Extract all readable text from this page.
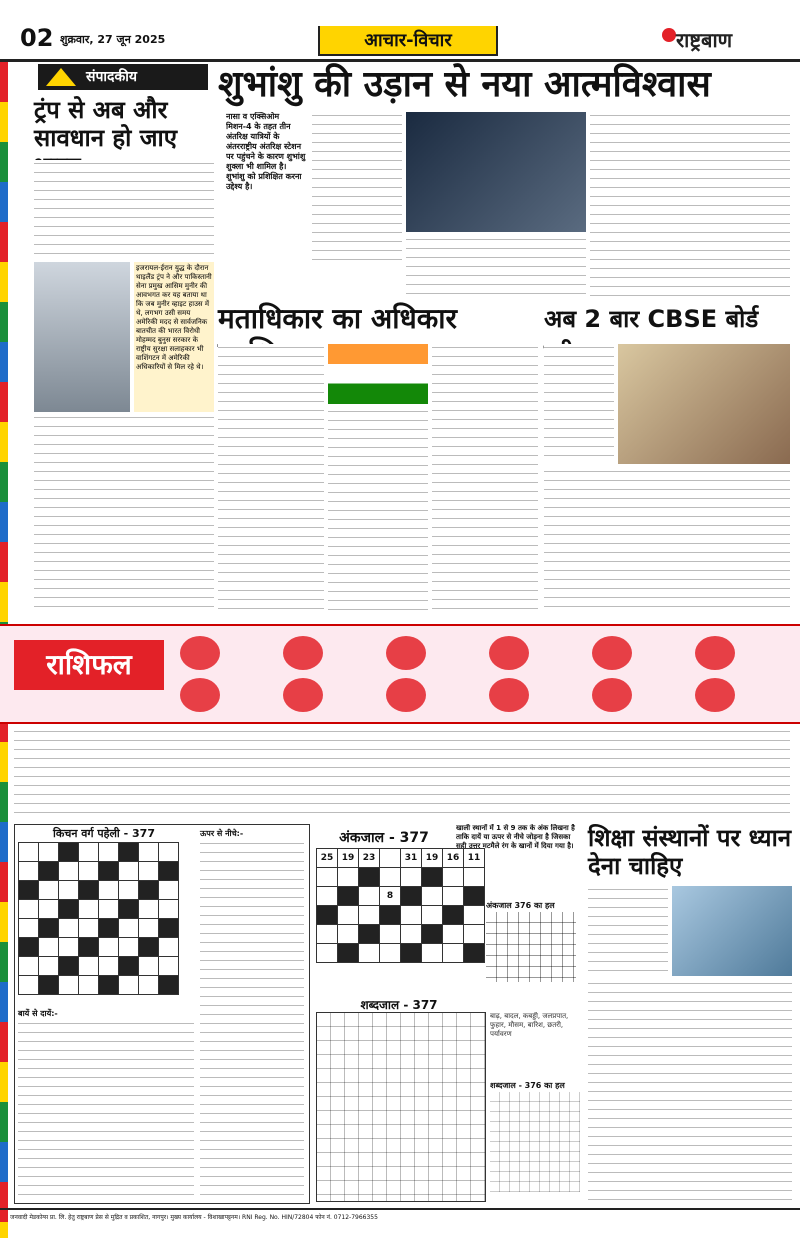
02 शुक्रवार, 27 जून 2025	आचार-विचार	राष्ट्रबाण
संपादकीय
ट्रंप से अब और सावधान हो जाए
इजरायल-ईरान युद्ध के दौरान थाइलैंड ट्रंप ने और पाकिस्तानी सेना प्रमुख आसिम मुनीर की आवभगत कर यह बताया था कि जब मुनीर व्हाइट हाउस में थे, लगभग उसी समय अमेरिकी मदद से सार्वजनिक बातचीत की भारत विरोधी मोहम्मद बुनुस सरकार के राष्ट्रीय सुरक्षा सलाहकार भी वाशिंगटन में अमेरिकी अधिकारियों से मिल रहे थे।
शुभांशु की उड़ान से नया आत्मविश्वास
नासा व एक्सिओम मिशन-4 के तहत तीन अंतरिक्ष यात्रियों के अंतरराष्ट्रीय अंतरिक्ष स्टेशन पर पहुंचने के कारण शुभांशु शुक्ला भी शामिल है। शुभांशु को प्रशिक्षित करना उद्देश्य है।
मताधिकार का अधिकार	अब 2 बार CBSE बोर्ड
राशिफल
किचन वर्ग पहेली - 377

								ऊपर से नीचे:-
बायें से दायें:-
अंकजाल - 377
खाली स्थानों में 1 से 9 तक के अंक लिखना है ताकि दायें या ऊपर से नीचे जोड़ना है जिसका सही उत्तर मटमैले रंग के खानों में दिया गया है।
25	19	23		31	19	16	11

			8				

अंकजाल 376 का हल
शब्दजाल - 377
बाढ़, बादल, कबड्डी, जलप्रपात, फुहार, मौसम, बारिश, छतरी, पर्यावरण
शब्दजाल - 376 का हल
शिक्षा संस्थानों पर ध्यान देना चाहिए
जनवादी मेडकोग्स प्रा. लि. हेतु राष्ट्रबाण प्रेस से मुद्रित व प्रकाशित, नागपुर। मुख्य कार्यालय - विशाखापट्टनम। RNI Reg. No. HIN/72804 फोन नं. 0712-7966355
